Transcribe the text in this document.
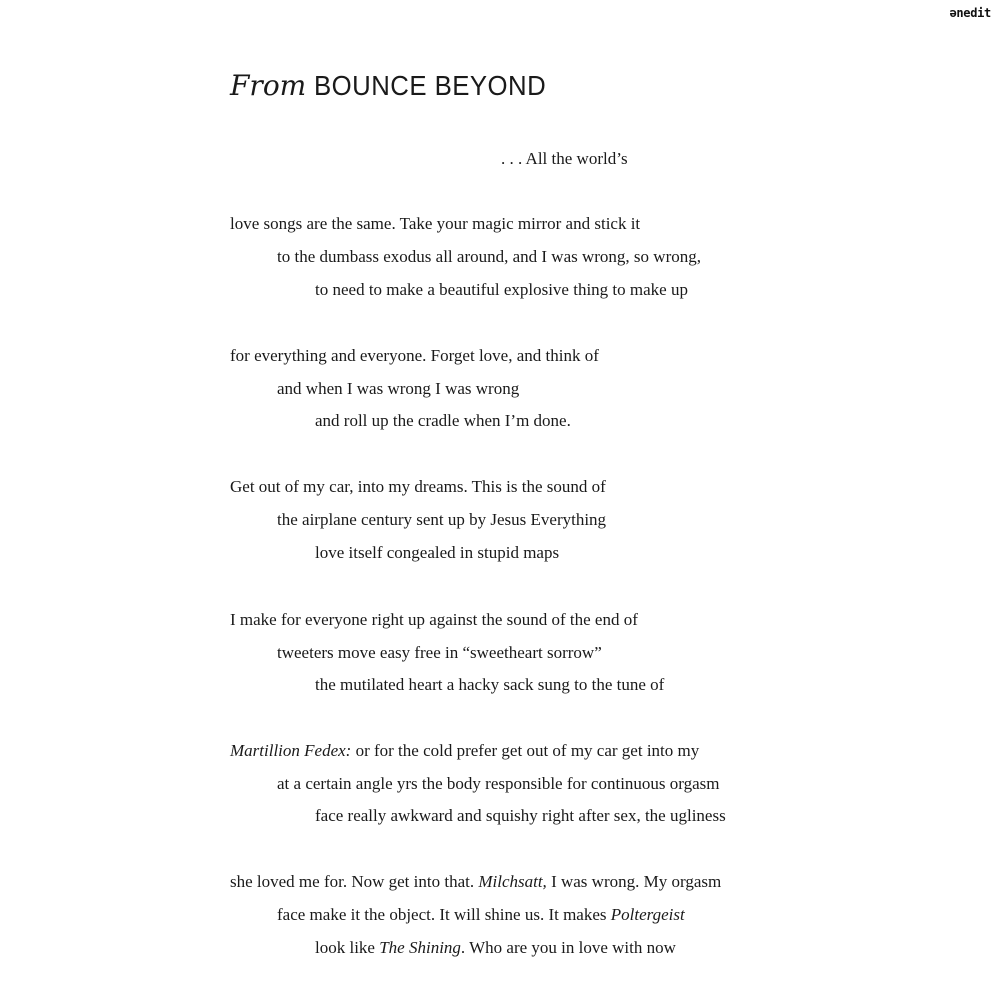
ənedit
From BOUNCE BEYOND

. . . All the world’s

love songs are the same. Take your magic mirror and stick it

to the dumbass exodus all around, and I was wrong, so wrong,

to need to make a beautiful explosive thing to make up

for everything and everyone. Forget love, and think of

and when I was wrong I was wrong

and roll up the cradle when I’m done.

Get out of my car, into my dreams. This is the sound of

the airplane century sent up by Jesus Everything

love itself congealed in stupid maps

I make for everyone right up against the sound of the end of

tweeters move easy free in “sweetheart sorrow”

the mutilated heart a hacky sack sung to the tune of

Martillion Fedex: or for the cold prefer get out of my car get into my

at a certain angle yrs the body responsible for continuous orgasm

face really awkward and squishy right after sex, the ugliness

she loved me for. Now get into that. Milchsatt, I was wrong. My orgasm

face make it the object. It will shine us. It makes Poltergeist

look like The Shining. Who are you in love with now
